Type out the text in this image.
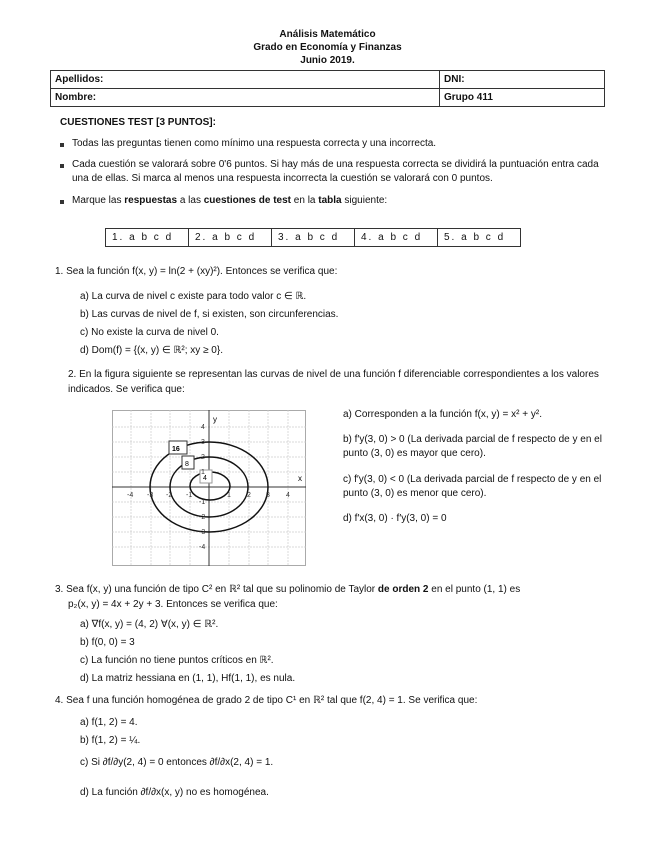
Análisis Matemático
Grado en Economía y Finanzas
Junio 2019.
Apellidos:	DNI:
Nombre:	Grupo 411
CUESTIONES TEST [3 PUNTOS]:
Todas las preguntas tienen como mínimo una respuesta correcta y una incorrecta.
Cada cuestión se valorará sobre 0'6 puntos. Si hay más de una respuesta correcta se dividirá la puntuación entra cada una de ellas. Si marca al menos una respuesta incorrecta la cuestión se valorará con 0 puntos.
Marque las respuestas a las cuestiones de test en la tabla siguiente:
1. a b c d	2. a b c d	3. a b c d	4. a b c d	5. a b c d
1. Sea la función f(x, y) = ln(2 + (xy)²). Entonces se verifica que:
a) La curva de nivel c existe para todo valor c ∈ ℝ.
b) Las curvas de nivel de f, si existen, son circunferencias.
c) No existe la curva de nivel 0.
d) Dom(f) = {(x, y) ∈ ℝ²; xy ≥ 0}.
2. En la figura siguiente se representan las curvas de nivel de una función f diferenciable correspondientes a los valores indicados. Se verifica que:
16
8
4	x
y
-4 -3 -2 -1	1 2 3 4
4
3
2
1
-1
-2
-3
-4
a) Corresponden a la función f(x, y) = x² + y².
b) f′y(3, 0) > 0 (La derivada parcial de f respecto de y en el punto (3, 0) es mayor que cero).
c) f′y(3, 0) < 0 (La derivada parcial de f respecto de y en el punto (3, 0) es menor que cero).
d) f′x(3, 0) · f′y(3, 0) = 0
3. Sea f(x, y) una función de tipo C² en ℝ² tal que su polinomio de Taylor de orden 2 en el punto (1, 1) es
p₂(x, y) = 4x + 2y + 3. Entonces se verifica que:
a) ∇f(x, y) = (4, 2) ∀(x, y) ∈ ℝ².
b) f(0, 0) = 3
c) La función no tiene puntos críticos en ℝ².
d) La matriz hessiana en (1, 1), Hf(1, 1), es nula.
4. Sea f una función homogénea de grado 2 de tipo C¹ en ℝ² tal que f(2, 4) = 1. Se verifica que:
a) f(1, 2) = 4.
b) f(1, 2) = ¼.
c) Si ∂f/∂y(2, 4) = 0 entonces ∂f/∂x(2, 4) = 1.
d) La función ∂f/∂x(x, y) no es homogénea.
